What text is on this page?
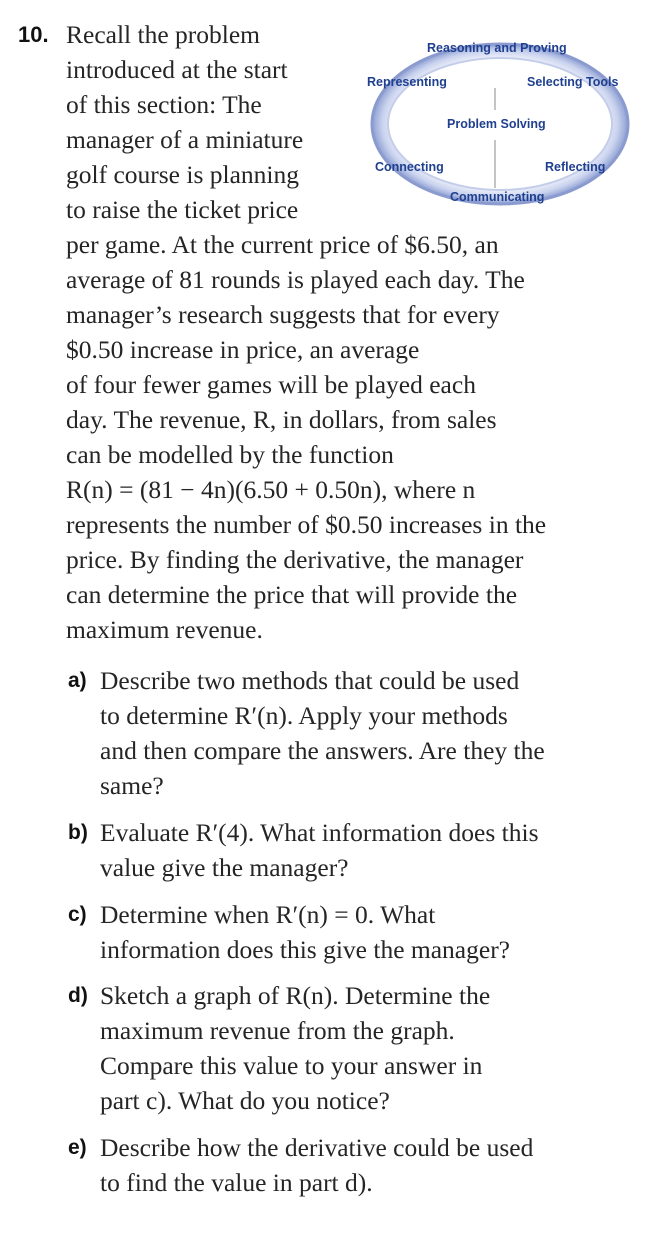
10. Recall the problem
introduced at the start
of this section: The
manager of a miniature
golf course is planning
to raise the ticket price
per game. At the current price of $6.50, an
average of 81 rounds is played each day. The
manager’s research suggests that for every
$0.50 increase in price, an average
of four fewer games will be played each
day. The revenue, R, in dollars, from sales
can be modelled by the function
R(n) = (81 − 4n)(6.50 + 0.50n), where n
represents the number of $0.50 increases in the
price. By finding the derivative, the manager
can determine the price that will provide the
maximum revenue.
Reasoning and Proving
Representing	Selecting Tools
Problem Solving
Connecting	Reflecting
Communicating
a) Describe two methods that could be used
to determine R′(n). Apply your methods
and then compare the answers. Are they the
same?
b) Evaluate R′(4). What information does this
value give the manager?
c) Determine when R′(n) = 0. What
information does this give the manager?
d) Sketch a graph of R(n). Determine the
maximum revenue from the graph.
Compare this value to your answer in
part c). What do you notice?
e) Describe how the derivative could be used
to find the value in part d).
